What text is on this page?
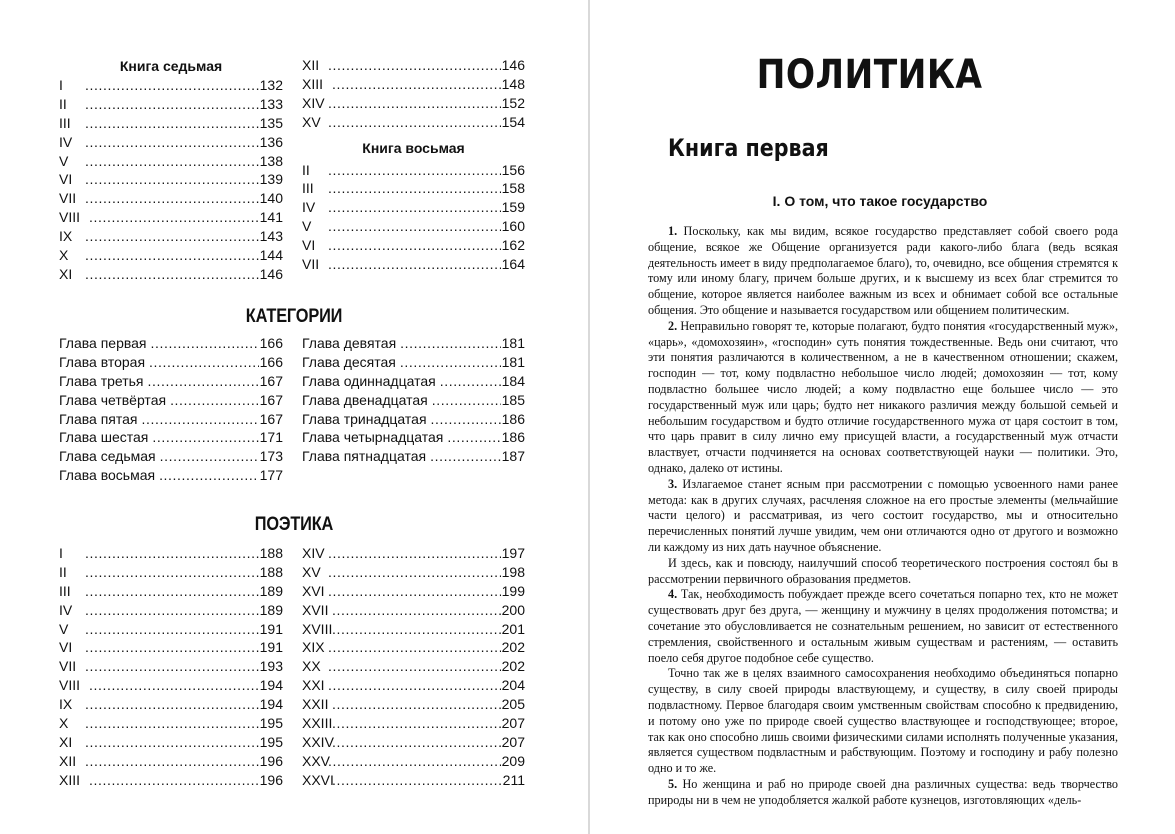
Книга седьмая
I .....	132
II .....	133
III .....	135
IV .....	136
V .....	138
VI .....	139
VII .....	140
VIII .....	141
IX .....	143
X .....	144
XI .....	146
XII .....	146
XIII .....	148
XIV .....	152
XV .....	154
Книга восьмая
II .....	156
III .....	158
IV .....	159
V .....	160
VI .....	162
VII .....	164
КАТЕГОРИИ
Глава первая .....	166
Глава вторая .....	166
Глава третья .....	167
Глава четвёртая .....	167
Глава пятая .....	167
Глава шестая .....	171
Глава седьмая .....	173
Глава восьмая .....	177
Глава девятая .....	181
Глава десятая .....	181
Глава одиннадцатая .....	184
Глава двенадцатая .....	185
Глава тринадцатая .....	186
Глава четырнадцатая .....	186
Глава пятнадцатая .....	187
ПОЭТИКА
I .....	188
II .....	188
III .....	189
IV .....	189
V .....	191
VI .....	191
VII .....	193
VIII .....	194
IX .....	194
X .....	195
XI .....	195
XII .....	196
XIII .....	196
XIV .....	197
XV .....	198
XVI .....	199
XVII .....	200
XVIII .....	201
XIX .....	202
XX .....	202
XXI .....	204
XXII .....	205
XXIII .....	207
XXIV .....	207
XXV .....	209
XXVI .....	211
ПОЛИТИКА
Книга первая
I. О том, что такое государство

1. Поскольку, как мы видим, всякое государство представляет собой своего рода общение, всякое же Общение организуется ради какого-либо блага (ведь всякая деятельность имеет в виду предполагаемое благо), то, очевидно, все общения стремятся к тому или иному благу, причем больше других, и к высшему из всех благ стремится то общение, которое является наиболее важным из всех и обнимает собой все остальные общения. Это общение и называется государством или общением политическим.

2. Неправильно говорят те, которые полагают, будто понятия «государственный муж», «царь», «домохозяин», «господин» суть понятия тождественные. Ведь они считают, что эти понятия различаются в количественном, а не в качественном отношении; скажем, господин — тот, кому подвластно небольшое число людей; домохозяин — тот, кому подвластно большее число людей; а кому подвластно еще большее число — это государственный муж или царь; будто нет никакого различия между большой семьей и небольшим государством и будто отличие государственного мужа от царя состоит в том, что царь правит в силу лично ему присущей власти, а государственный муж отчасти властвует, отчасти подчиняется на основах соответствующей науки — политики. Это, однако, далеко от истины.

3. Излагаемое станет ясным при рассмотрении с помощью усвоенного нами ранее метода: как в других случаях, расчленяя сложное на его простые элементы (мельчайшие части целого) и рассматривая, из чего состоит государство, мы и относительно перечисленных понятий лучше увидим, чем они отличаются одно от другого и возможно ли каждому из них дать научное объяснение.

И здесь, как и повсюду, наилучший способ теоретического построения состоял бы в рассмотрении первичного образования предметов.

4. Так, необходимость побуждает прежде всего сочетаться попарно тех, кто не может существовать друг без друга, — женщину и мужчину в целях продолжения потомства; и сочетание это обусловливается не сознательным решением, но зависит от естественного стремления, свойственного и остальным живым существам и растениям, — оставить поело себя другое подобное себе существо.

Точно так же в целях взаимного самосохранения необходимо объединяться попарно существу, в силу своей природы властвующему, и существу, в силу своей природы подвластному. Первое благодаря своим умственным свойствам способно к предвидению, и потому оно уже по природе своей существо властвующее и господствующее; второе, так как оно способно лишь своими физическими силами исполнять полученные указания, является существом подвластным и рабствующим. Поэтому и господину и рабу полезно одно и то же.

5. Но женщина и раб но природе своей дна различных существа: ведь творчество природы ни в чем не уподобляется жалкой работе кузнецов, изготовляющих «дель-
